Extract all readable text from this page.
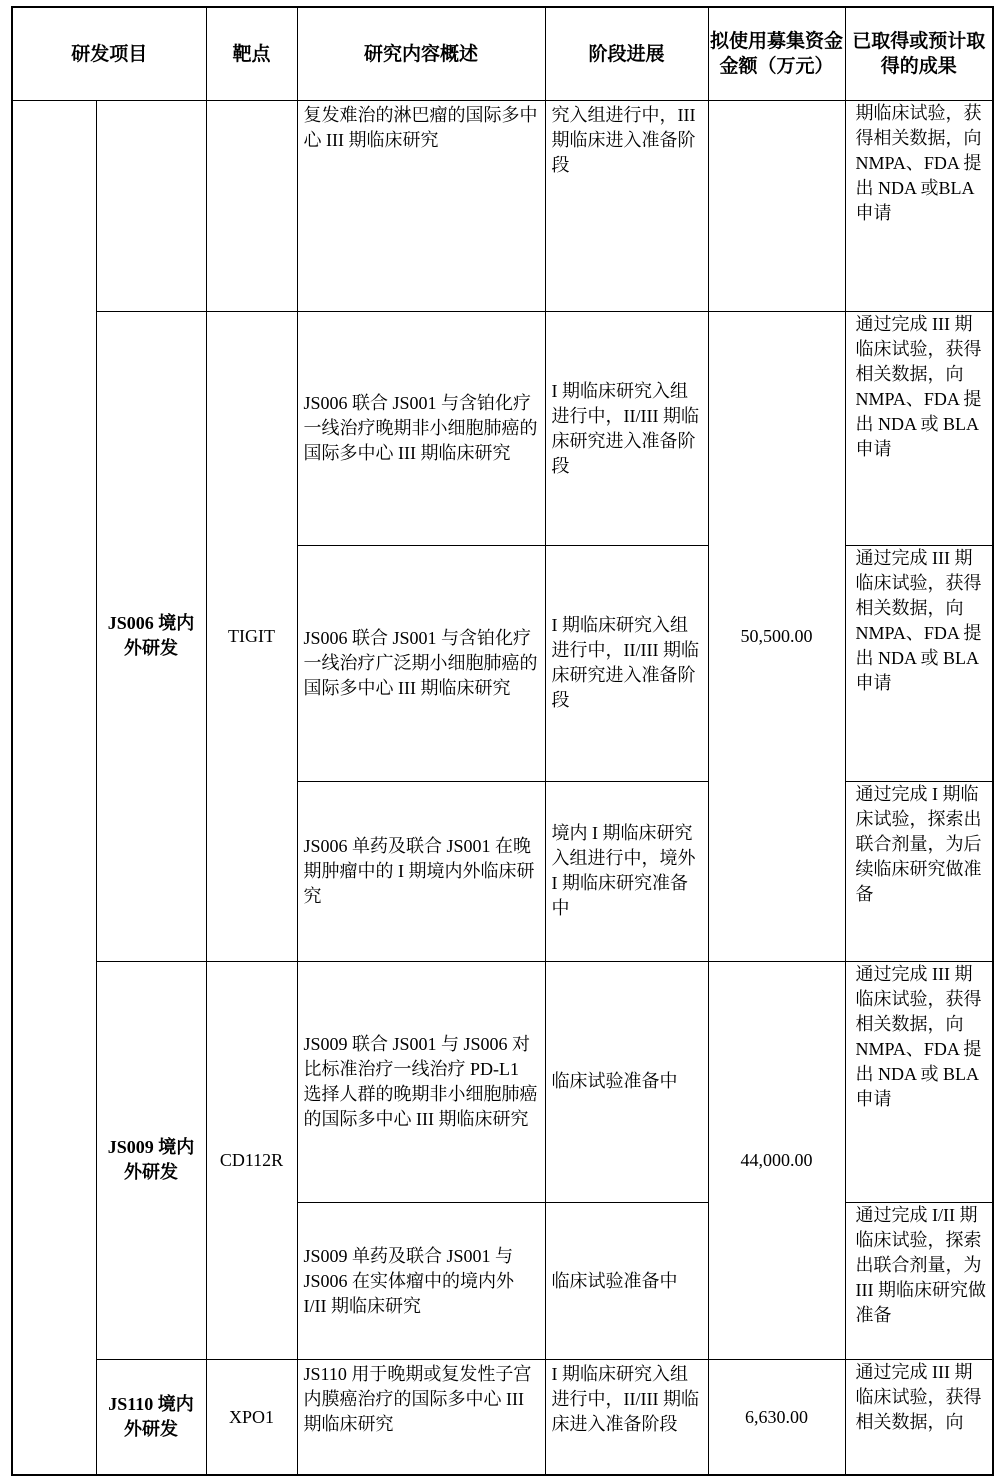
研发项目		靶点	研究内容概述	阶段进展	拟使用募集资金金额（万元）	已取得或预计取得的成果
			复发难治的淋巴瘤的国际多中心 III 期临床研究	究入组进行中，III 期临床进入准备阶段		期临床试验，获得相关数据，向NMPA、FDA 提出 NDA 或BLA 申请
	JS006 境内外研发	TIGIT	JS006 联合 JS001 与含铂化疗一线治疗晚期非小细胞肺癌的国际多中心 III 期临床研究	I 期临床研究入组进行中，II/III 期临床研究进入准备阶段	50,500.00	通过完成 III 期临床试验，获得相关数据，向 NMPA、FDA 提出 NDA 或 BLA 申请
			JS006 联合 JS001 与含铂化疗一线治疗广泛期小细胞肺癌的国际多中心 III 期临床研究	I 期临床研究入组进行中，II/III 期临床研究进入准备阶段		通过完成 III 期临床试验，获得相关数据，向 NMPA、FDA 提出 NDA 或 BLA 申请
			JS006 单药及联合 JS001 在晚期肿瘤中的 I 期境内外临床研究	境内 I 期临床研究入组进行中，境外 I 期临床研究准备中		通过完成 I 期临床试验，探索出联合剂量，为后续临床研究做准备
	JS009 境内外研发	CD112R	JS009 联合 JS001 与 JS006 对比标准治疗一线治疗 PD-L1 选择人群的晚期非小细胞肺癌的国际多中心 III 期临床研究	临床试验准备中	44,000.00	通过完成 III 期临床试验，获得相关数据，向 NMPA、FDA 提出 NDA 或 BLA 申请
			JS009 单药及联合 JS001 与 JS006 在实体瘤中的境内外 I/II 期临床研究	临床试验准备中		通过完成 I/II 期临床试验，探索出联合剂量，为 III 期临床研究做准备
	JS110 境内外研发	XPO1	JS110 用于晚期或复发性子宫内膜癌治疗的国际多中心 III 期临床研究	I 期临床研究入组进行中，II/III 期临床进入准备阶段	6,630.00	通过完成 III 期临床试验，获得相关数据，向
